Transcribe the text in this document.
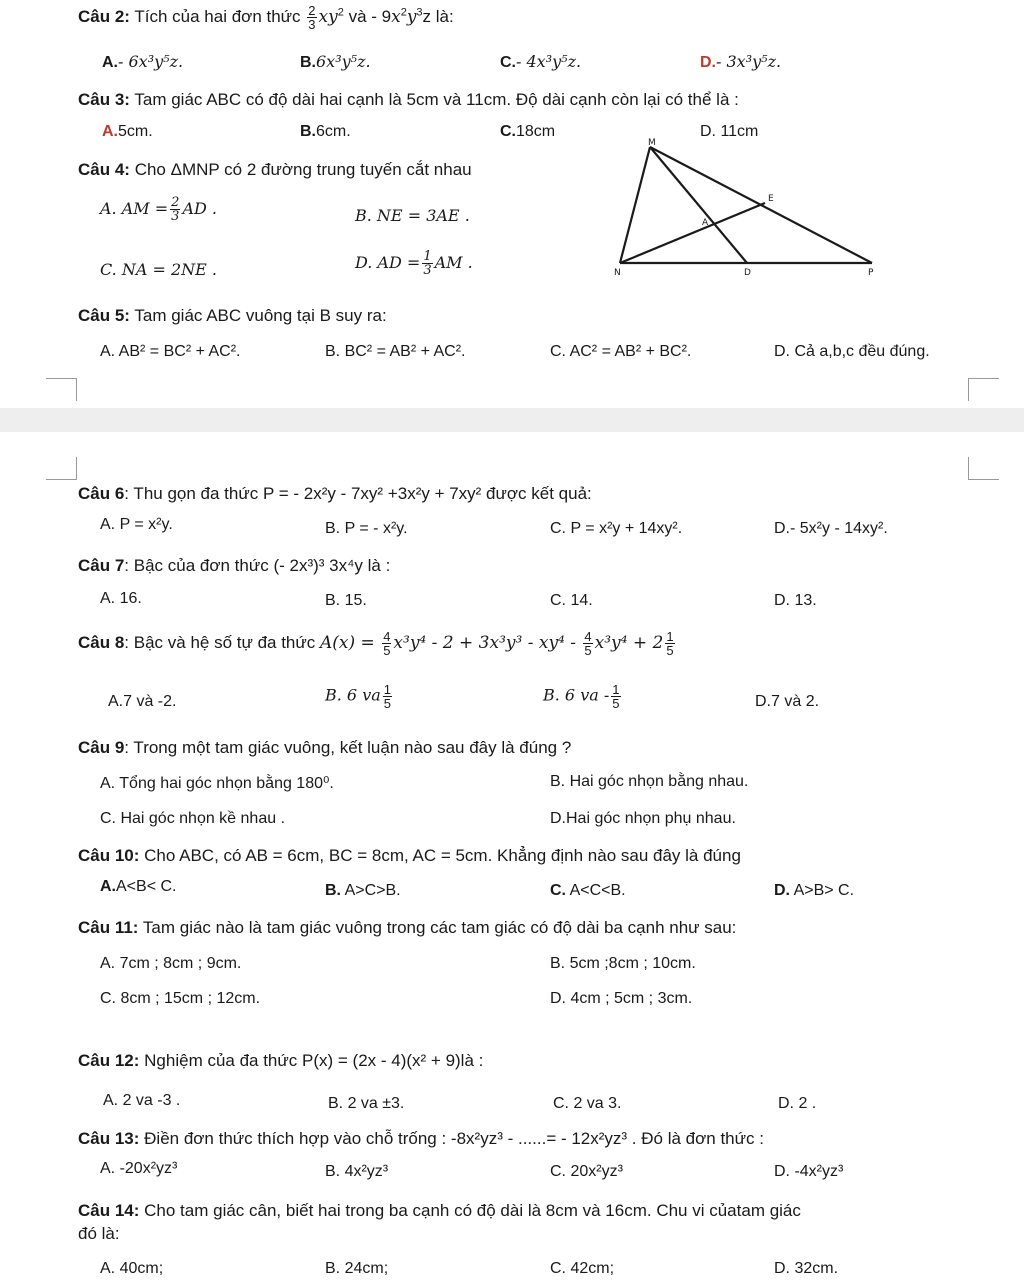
Câu 2: Tích của hai đơn thức $\frac{2}{3} xy^2$ và - $9x^2y^3z$ là:
A.- 6x³y⁵z.	B.6x³y⁵z.	C.- 4x³y⁵z.	D.- 3x³y⁵z.
Câu 3: Tam giác ABC có độ dài hai cạnh là 5cm và 11cm. Độ dài cạnh còn lại có thể là :
A.5cm.	B.6cm.	C.18cm	D. 11cm
Câu 4: Cho ΔMNP có 2 đường trung tuyến cắt nhau
A. AM = $\frac{2}{3}$ AD .	B. NE = 3AE .
C. NA = 2NE .	D. AD = $\frac{1}{3}$ AM .
M
N	P
E
A
D
Câu 5: Tam giác ABC vuông tại B suy ra:
A. AB² = BC² + AC².	B. BC² = AB² + AC².	C. AC² = AB² + BC².	D. Cả a,b,c đều đúng.
Câu 6: Thu gọn đa thức P = - 2x²y - 7xy² +3x²y + 7xy² được kết quả:
A. P = x²y.	B. P = - x²y.	C. P = x²y + 14xy².	D.- 5x²y - 14xy².
Câu 7: Bậc của đơn thức (- 2x³)³ 3x⁴y là :
A. 16.	B. 15.	C. 14.	D. 13.
Câu 8: Bậc và hệ số tự đa thức $A(x) = \frac{4}{5} x^3y^4 - 2 + 3x^3y^3 - xy^4 - \frac{4}{5} x^3y^4 + 2 \frac{1}{5}$
A.7 và -2.	B. 6 va $\frac{1}{5}$	B. 6 va - $\frac{1}{5}$	D.7 và 2.
Câu 9: Trong một tam giác vuông, kết luận nào sau đây là đúng ?
A. Tổng hai góc nhọn bằng 180⁰.	B. Hai góc nhọn bằng nhau.
C. Hai góc nhọn kề nhau .	D.Hai góc nhọn phụ nhau.
Câu 10: Cho ABC, có AB = 6cm, BC = 8cm, AC = 5cm. Khẳng định nào sau đây là đúng
A.A<B< C.	B. A>C>B.	C. A<C<B.	D. A>B> C.
Câu 11: Tam giác nào là tam giác vuông trong các tam giác có độ dài ba cạnh như sau:
A. 7cm ; 8cm ; 9cm.	B. 5cm ;8cm ; 10cm.
C. 8cm ; 15cm ; 12cm.	D. 4cm ; 5cm ; 3cm.
Câu 12: Nghiệm của đa thức P(x) = (2x - 4)(x² + 9)là :
A. 2 va -3 .	B. 2 va ±3.	C. 2 va 3.	D. 2 .
Câu 13: Điền đơn thức thích hợp vào chỗ trống : -8x²yz³ - ......= - 12x²yz³ . Đó là đơn thức :
A. -20x²yz³	B. 4x²yz³	C. 20x²yz³	D. -4x²yz³
Câu 14: Cho tam giác cân, biết hai trong ba cạnh có độ dài là 8cm và 16cm. Chu vi củatam giác
đó là:
A. 40cm;	B. 24cm;	C. 42cm;	D. 32cm.
